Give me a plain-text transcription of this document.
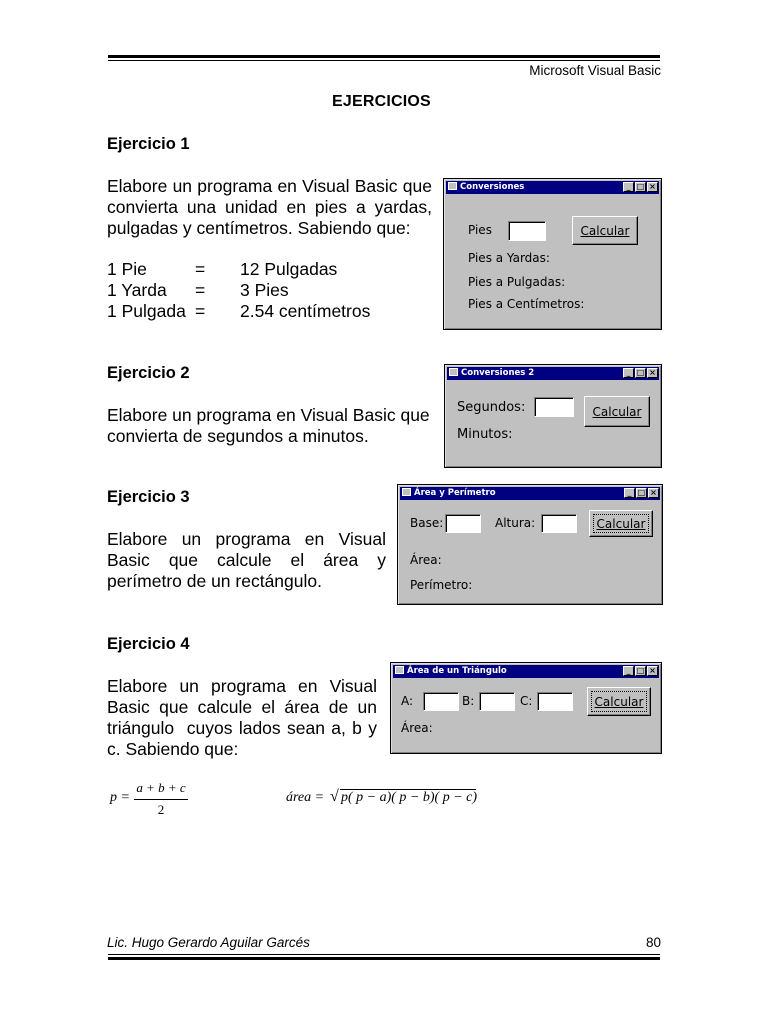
Microsoft Visual Basic
EJERCICIOS
Ejercicio 1
Elabore un programa en Visual Basic que
convierta una unidad en pies a yardas,
pulgadas y centímetros. Sabiendo que:
1 Pie	= 12 Pulgadas
1 Yarda = 3 Pies
1 Pulgada = 2.54 centímetros
Conversiones	_ □ ×
Pies	Calcular
Pies a Yardas:
Pies a Pulgadas:
Pies a Centímetros:
Ejercicio 2
Elabore un programa en Visual Basic que
convierta de segundos a minutos.
Conversiones 2	_ □ ×
Segundos:	Calcular
Minutos:
Ejercicio 3
Elabore un programa en Visual
Basic que calcule el área y
perímetro de un rectángulo.
Área y Perímetro	_ □ ×
Base:	Altura:	Calcular
Área:
Perímetro:
Ejercicio 4
Elabore un programa en Visual
Basic que calcule el área de un
triángulo  cuyos lados sean a, b y
c. Sabiendo que:
Área de un Triángulo	_ □ ×
A:	B:	C:	Calcular
Área:
p =
a + b + c
2
área = √ p( p − a)( p − b)( p − c)
Lic. Hugo Gerardo Aguilar Garcés	80
